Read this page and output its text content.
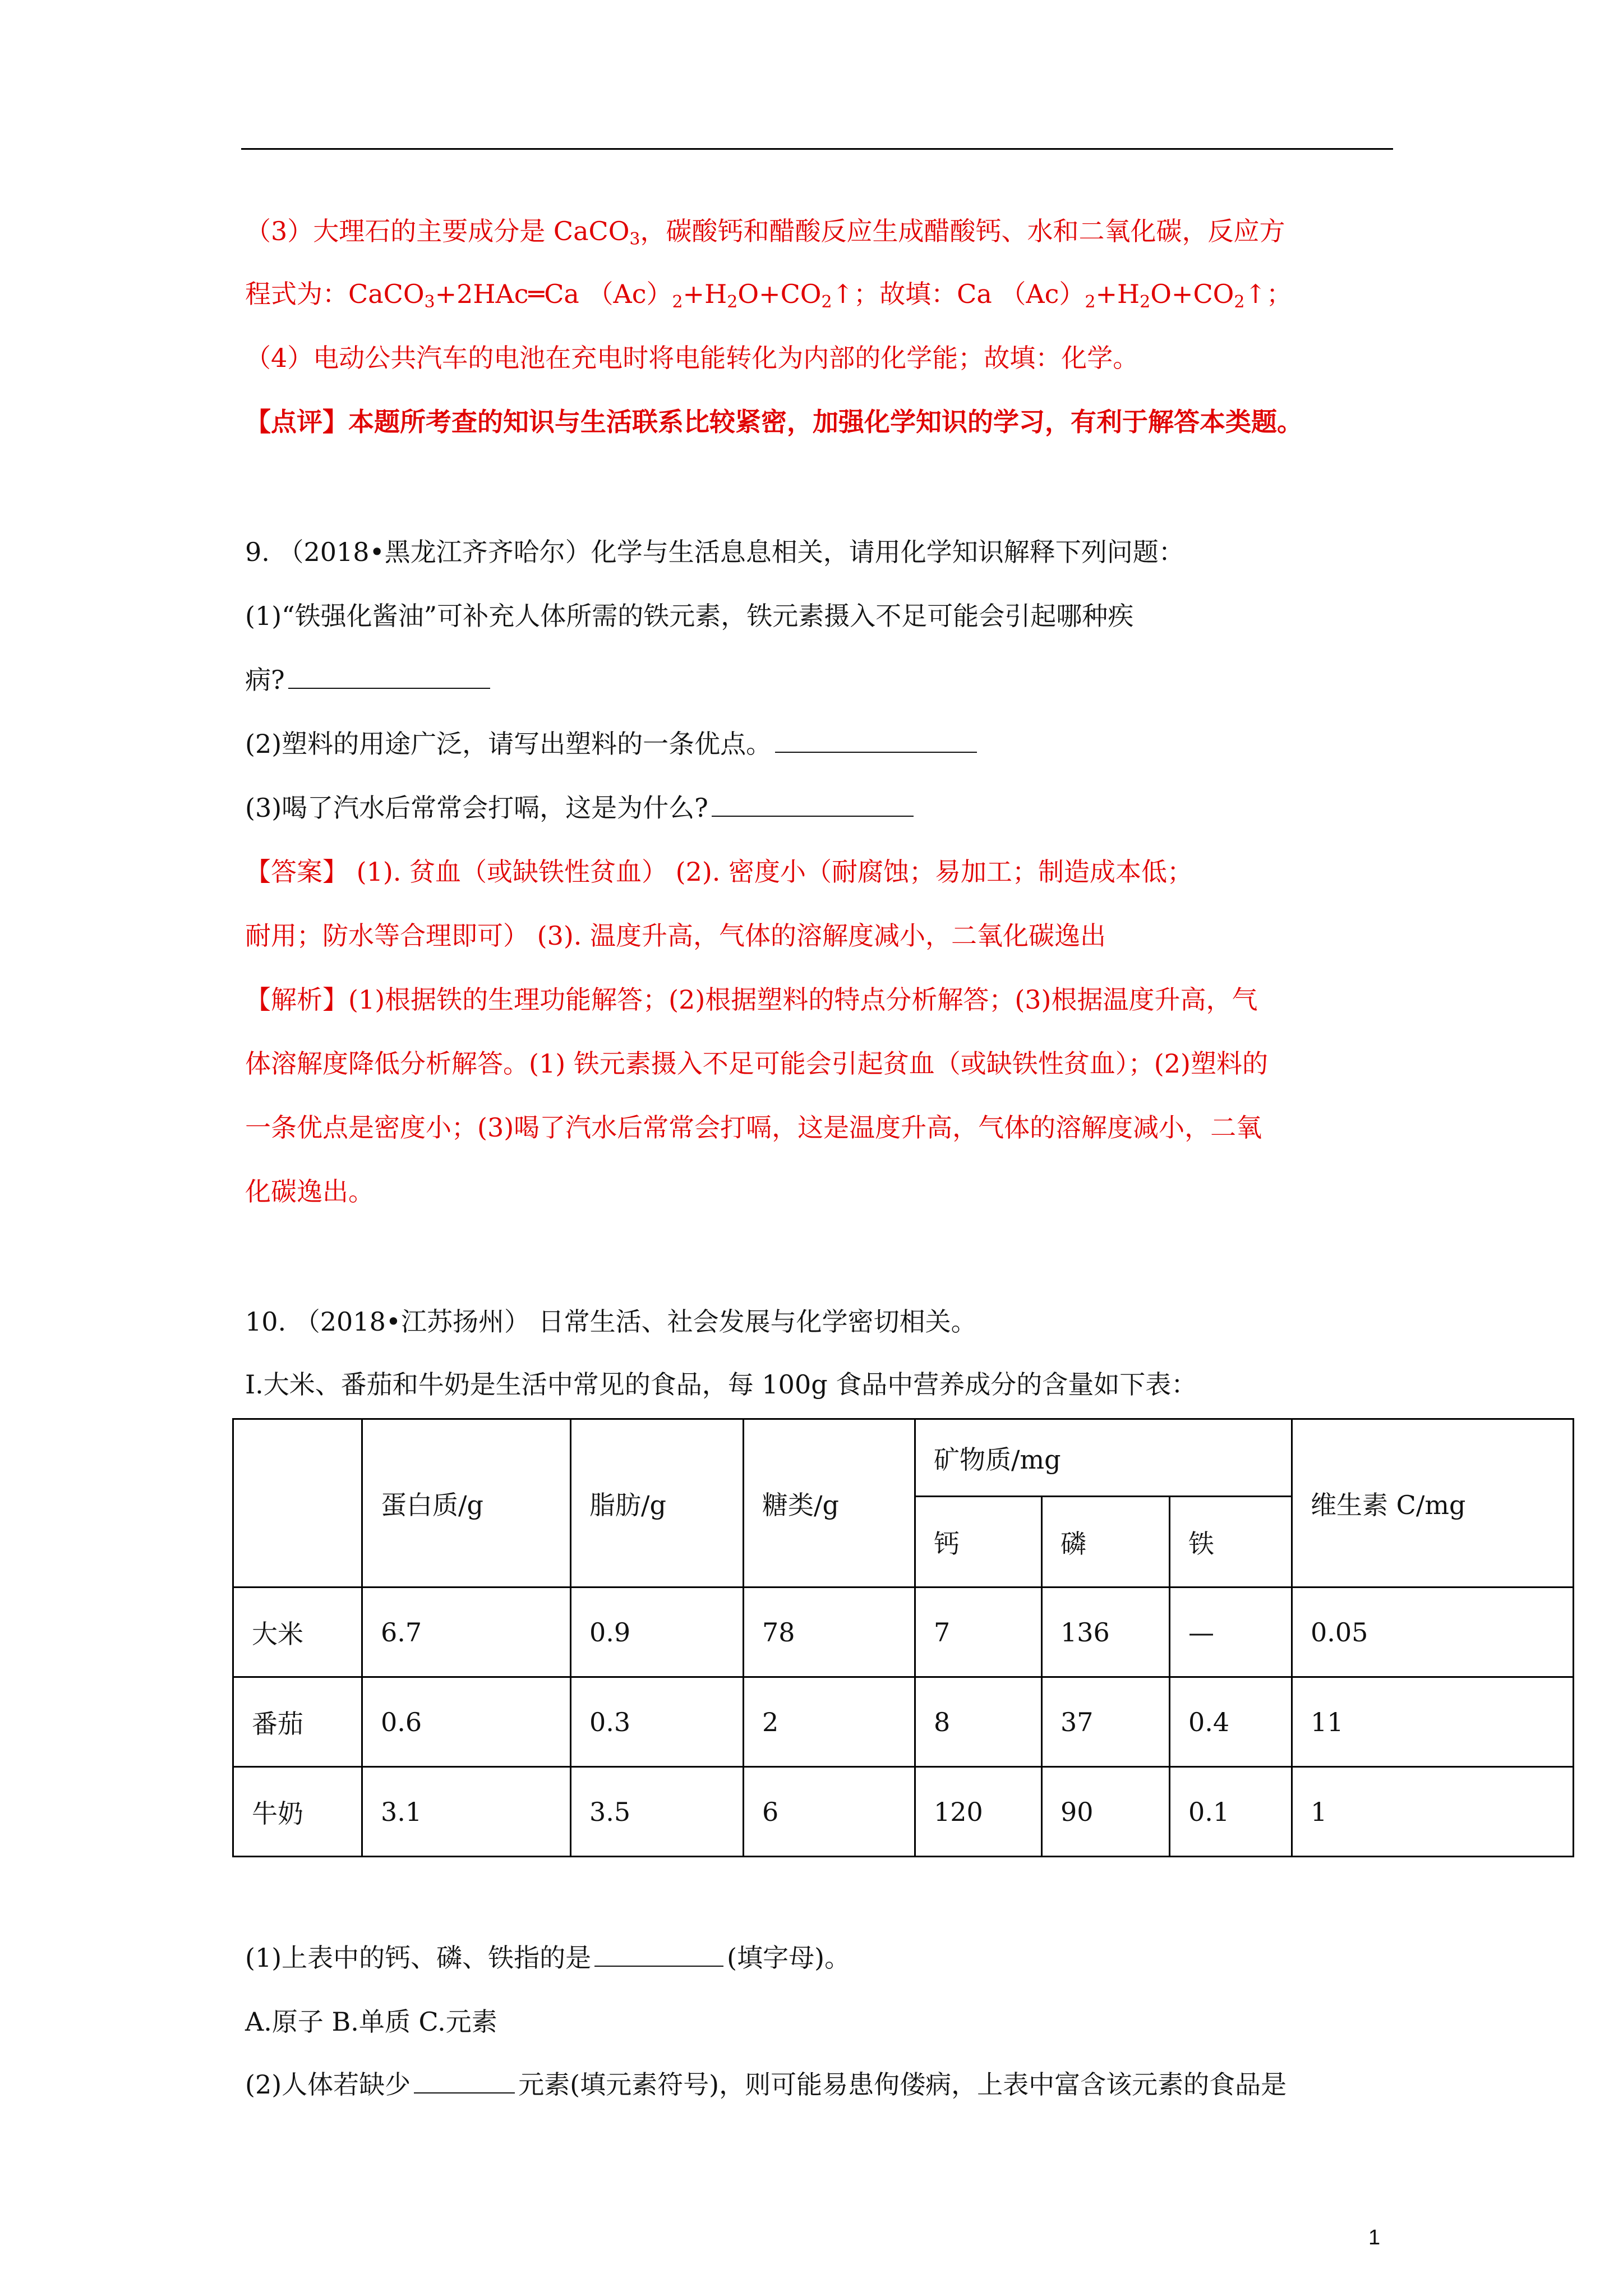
（3）大理石的主要成分是 CaCO$_3$，碳酸钙和醋酸反应生成醋酸钙、水和二氧化碳，反应方
程式为：CaCO$_3$+2HAc═Ca $(Ac)_2+H_2O+CO_2↑$；故填：Ca $(Ac)_2+H_2O+CO_2↑$；
（4）电动公共汽车的电池在充电时将电能转化为内部的化学能；故填：化学。
【点评】本题所考查的知识与生活联系比较紧密，加强化学知识的学习，有利于解答本类题。
9. （2018•黑龙江齐齐哈尔）化学与生活息息相关，请用化学知识解释下列问题：
(1)“铁强化酱油”可补充人体所需的铁元素，铁元素摄入不足可能会引起哪种疾
病?
(2)塑料的用途广泛，请写出塑料的一条优点。
(3)喝了汽水后常常会打嗝，这是为什么?
【答案】 (1). 贫血（或缺铁性贫血） (2). 密度小（耐腐蚀；易加工；制造成本低；
耐用；防水等合理即可） (3). 温度升高，气体的溶解度减小，二氧化碳逸出
【解析】(1)根据铁的生理功能解答；(2)根据塑料的特点分析解答；(3)根据温度升高，气
体溶解度降低分析解答。(1) 铁元素摄入不足可能会引起贫血（或缺铁性贫血）；(2)塑料的
一条优点是密度小；(3)喝了汽水后常常会打嗝，这是温度升高，气体的溶解度减小，二氧
化碳逸出。
10. （2018•江苏扬州） 日常生活、社会发展与化学密切相关。
I.大米、番茄和牛奶是生活中常见的食品，每 100g 食品中营养成分的含量如下表：
	蛋白质/g	脂肪/g	糖类/g	矿物质/mg			维生素 C/mg
				钙	磷	铁	
大米	6.7	0.9	78	7	136	—	0.05
番茄	0.6	0.3	2	8	37	0.4	11
牛奶	3.1	3.5	6	120	90	0.1	1
(1)上表中的钙、磷、铁指的是	(填字母)。
A.原子 B.单质 C.元素
(2)人体若缺少	元素(填元素符号)，则可能易患佝偻病，上表中富含该元素的食品是
1
